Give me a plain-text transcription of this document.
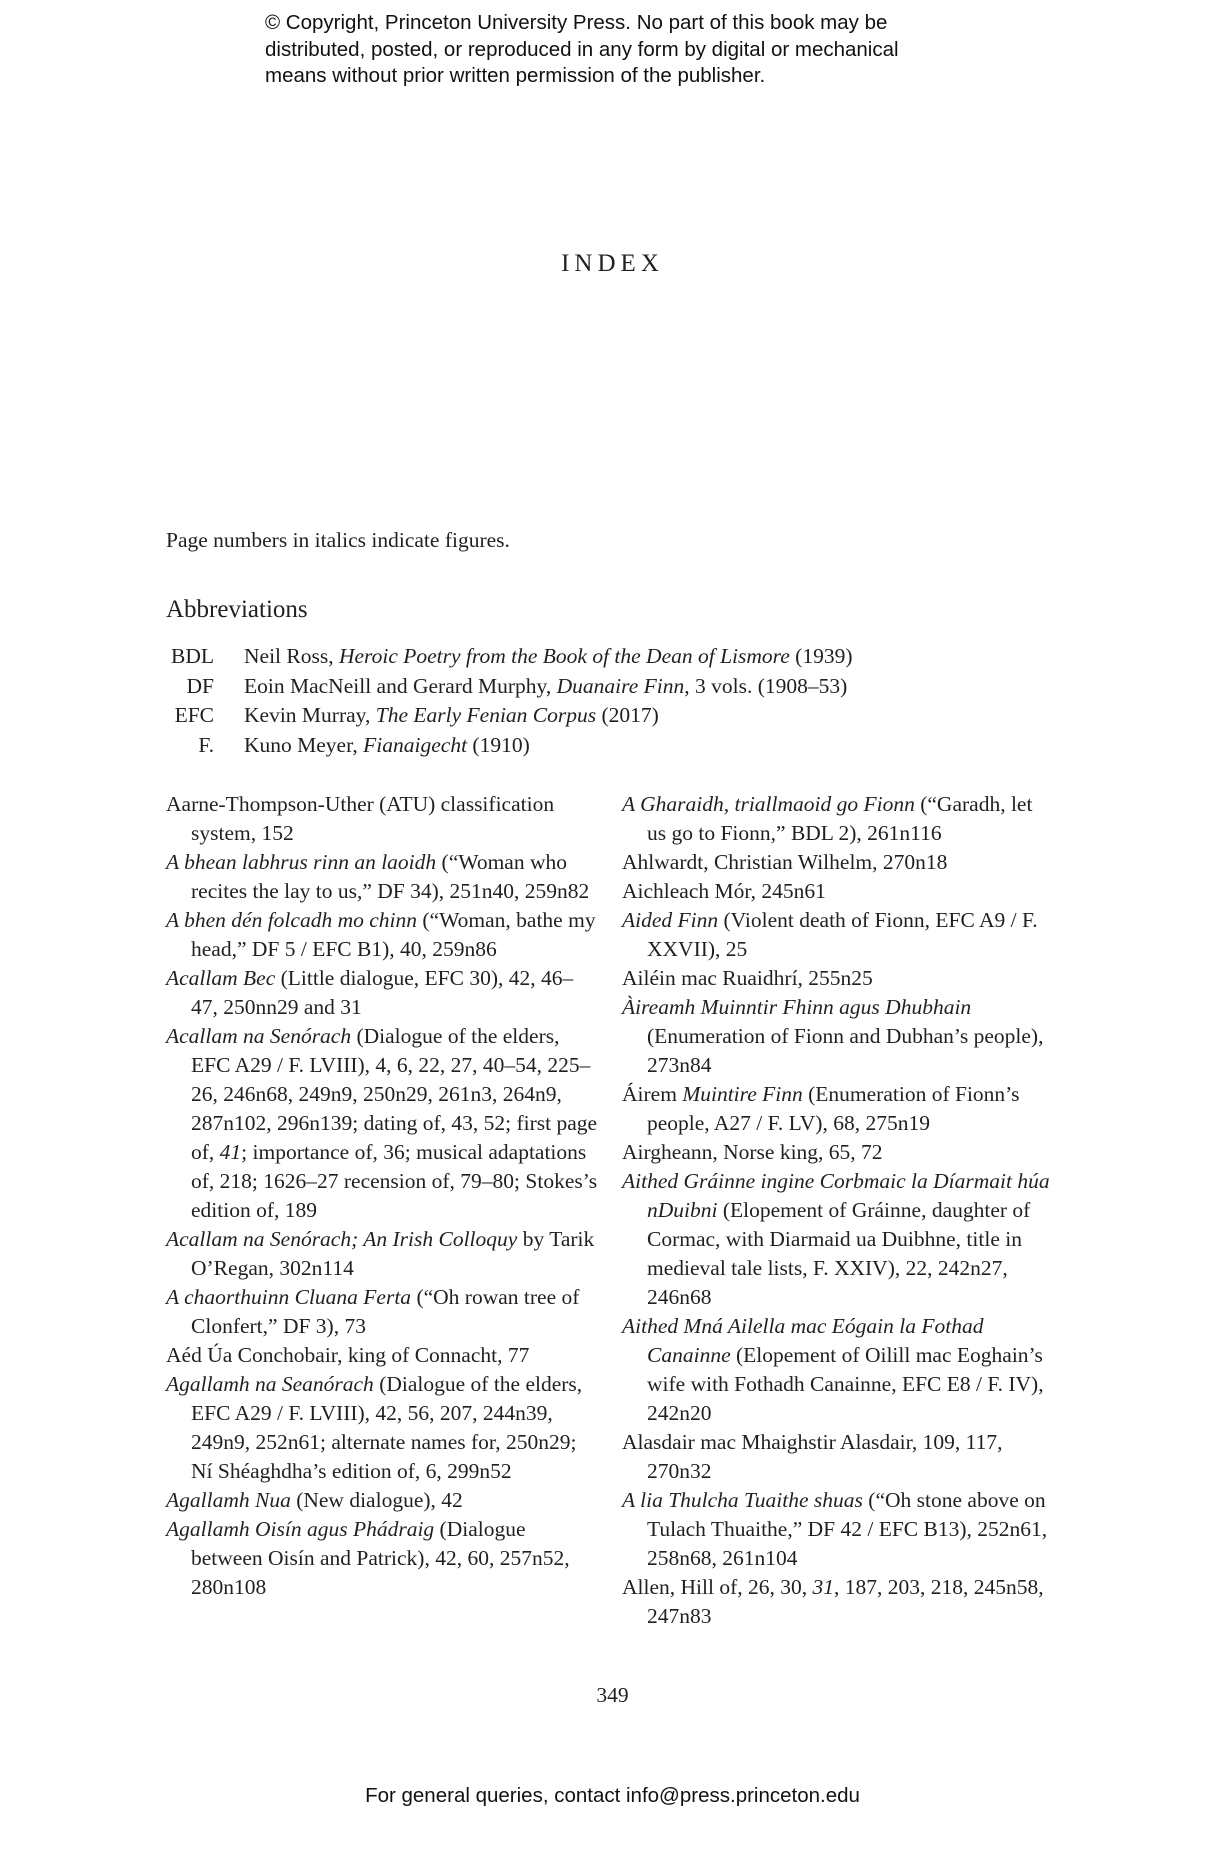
© Copyright, Princeton University Press. No part of this book may be
distributed, posted, or reproduced in any form by digital or mechanical
means without prior written permission of the publisher.
INDEX
Page numbers in italics indicate figures.
Abbreviations
BDL Neil Ross, Heroic Poetry from the Book of the Dean of Lismore (1939)
DF Eoin MacNeill and Gerard Murphy, Duanaire Finn, 3 vols. (1908–53)
EFC Kevin Murray, The Early Fenian Corpus (2017)
F. Kuno Meyer, Fianaigecht (1910)
Aarne-Thompson-Uther (ATU) classification system, 152
A bhean labhrus rinn an laoidh (“Woman who recites the lay to us,” DF 34), 251n40, 259n82
A bhen dén folcadh mo chinn (“Woman, bathe my head,” DF 5 / EFC B1), 40, 259n86
Acallam Bec (Little dialogue, EFC 30), 42, 46–47, 250nn29 and 31
Acallam na Senórach (Dialogue of the elders, EFC A29 / F. LVIII), 4, 6, 22, 27, 40–54, 225–26, 246n68, 249n9, 250n29, 261n3, 264n9, 287n102, 296n139; dating of, 43, 52; first page of, 41; importance of, 36; musical adaptations of, 218; 1626–27 recension of, 79–80; Stokes’s edition of, 189
Acallam na Senórach; An Irish Colloquy by Tarik O’Regan, 302n114
A chaorthuinn Cluana Ferta (“Oh rowan tree of Clonfert,” DF 3), 73
Aéd Úa Conchobair, king of Connacht, 77
Agallamh na Seanórach (Dialogue of the elders, EFC A29 / F. LVIII), 42, 56, 207, 244n39, 249n9, 252n61; alternate names for, 250n29; Ní Shéaghdha’s edition of, 6, 299n52
Agallamh Nua (New dialogue), 42
Agallamh Oisín agus Phádraig (Dialogue between Oisín and Patrick), 42, 60, 257n52, 280n108
A Gharaidh, triallmaoid go Fionn (“Garadh, let us go to Fionn,” BDL 2), 261n116
Ahlwardt, Christian Wilhelm, 270n18
Aichleach Mór, 245n61
Aided Finn (Violent death of Fionn, EFC A9 / F. XXVII), 25
Ailéin mac Ruaidhrí, 255n25
Àireamh Muinntir Fhinn agus Dhubhain (Enumeration of Fionn and Dubhan’s people), 273n84
Áirem Muintire Finn (Enumeration of Fionn’s people, A27 / F. LV), 68, 275n19
Airgheann, Norse king, 65, 72
Aithed Gráinne ingine Corbmaic la Díarmait húa nDuibni (Elopement of Gráinne, daughter of Cormac, with Diarmaid ua Duibhne, title in medieval tale lists, F. XXIV), 22, 242n27, 246n68
Aithed Mná Ailella mac Eógain la Fothad Canainne (Elopement of Oilill mac Eoghain’s wife with Fothadh Canainne, EFC E8 / F. IV), 242n20
Alasdair mac Mhaighstir Alasdair, 109, 117, 270n32
A lia Thulcha Tuaithe shuas (“Oh stone above on Tulach Thuaithe,” DF 42 / EFC B13), 252n61, 258n68, 261n104
Allen, Hill of, 26, 30, 31, 187, 203, 218, 245n58, 247n83
349
For general queries, contact info@press.princeton.edu
